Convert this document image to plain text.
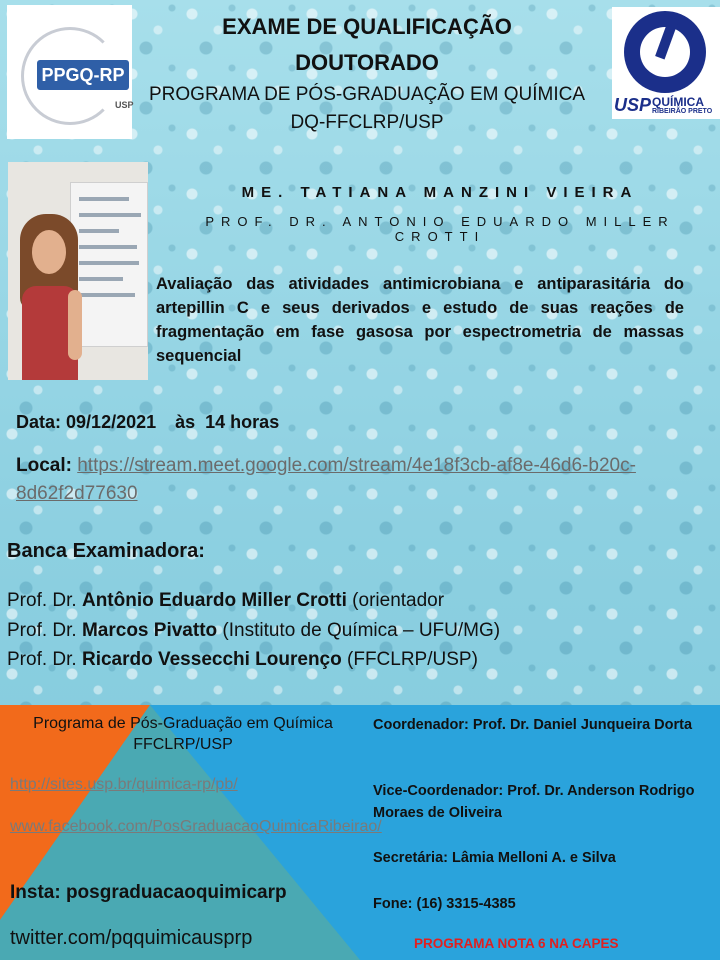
PPGQ-RP
USP	USP QUÍMICA
RIBEIRÃO PRETO
EXAME DE QUALIFICAÇÃO
DOUTORADO
PROGRAMA DE PÓS-GRADUAÇÃO EM QUÍMICA
DQ-FFCLRP/USP
ME. TATIANA MANZINI VIEIRA
PROF. DR. ANTONIO EDUARDO MILLER CROTTI
Avaliação das atividades antimicrobiana e antiparasitária do artepillin C e seus derivados e estudo de suas reações de fragmentação em fase gasosa por espectrometria de massas sequencial
Data: 09/12/2021 às  14 horas
Local: https://stream.meet.google.com/stream/4e18f3cb-af8e-46d6-b20c-8d62f2d77630
Banca Examinadora:
Prof. Dr. Antônio Eduardo Miller Crotti (orientador
Prof. Dr. Marcos Pivatto (Instituto de Química – UFU/MG)
Prof. Dr. Ricardo Vessecchi Lourenço (FFCLRP/USP)
Programa de Pós-Graduação em Química FFCLRP/USP
http://sites.usp.br/quimica-rp/pb/
www.facebook.com/PosGraduacaoQuimicaRibeirao/
Insta: posgraduacaoquimicarp
twitter.com/pqquimicausprp
Coordenador: Prof. Dr. Daniel Junqueira Dorta
Vice-Coordenador: Prof. Dr. Anderson Rodrigo Moraes de Oliveira
Secretária: Lâmia Melloni A. e Silva
Fone: (16) 3315-4385
PROGRAMA NOTA 6 NA CAPES
